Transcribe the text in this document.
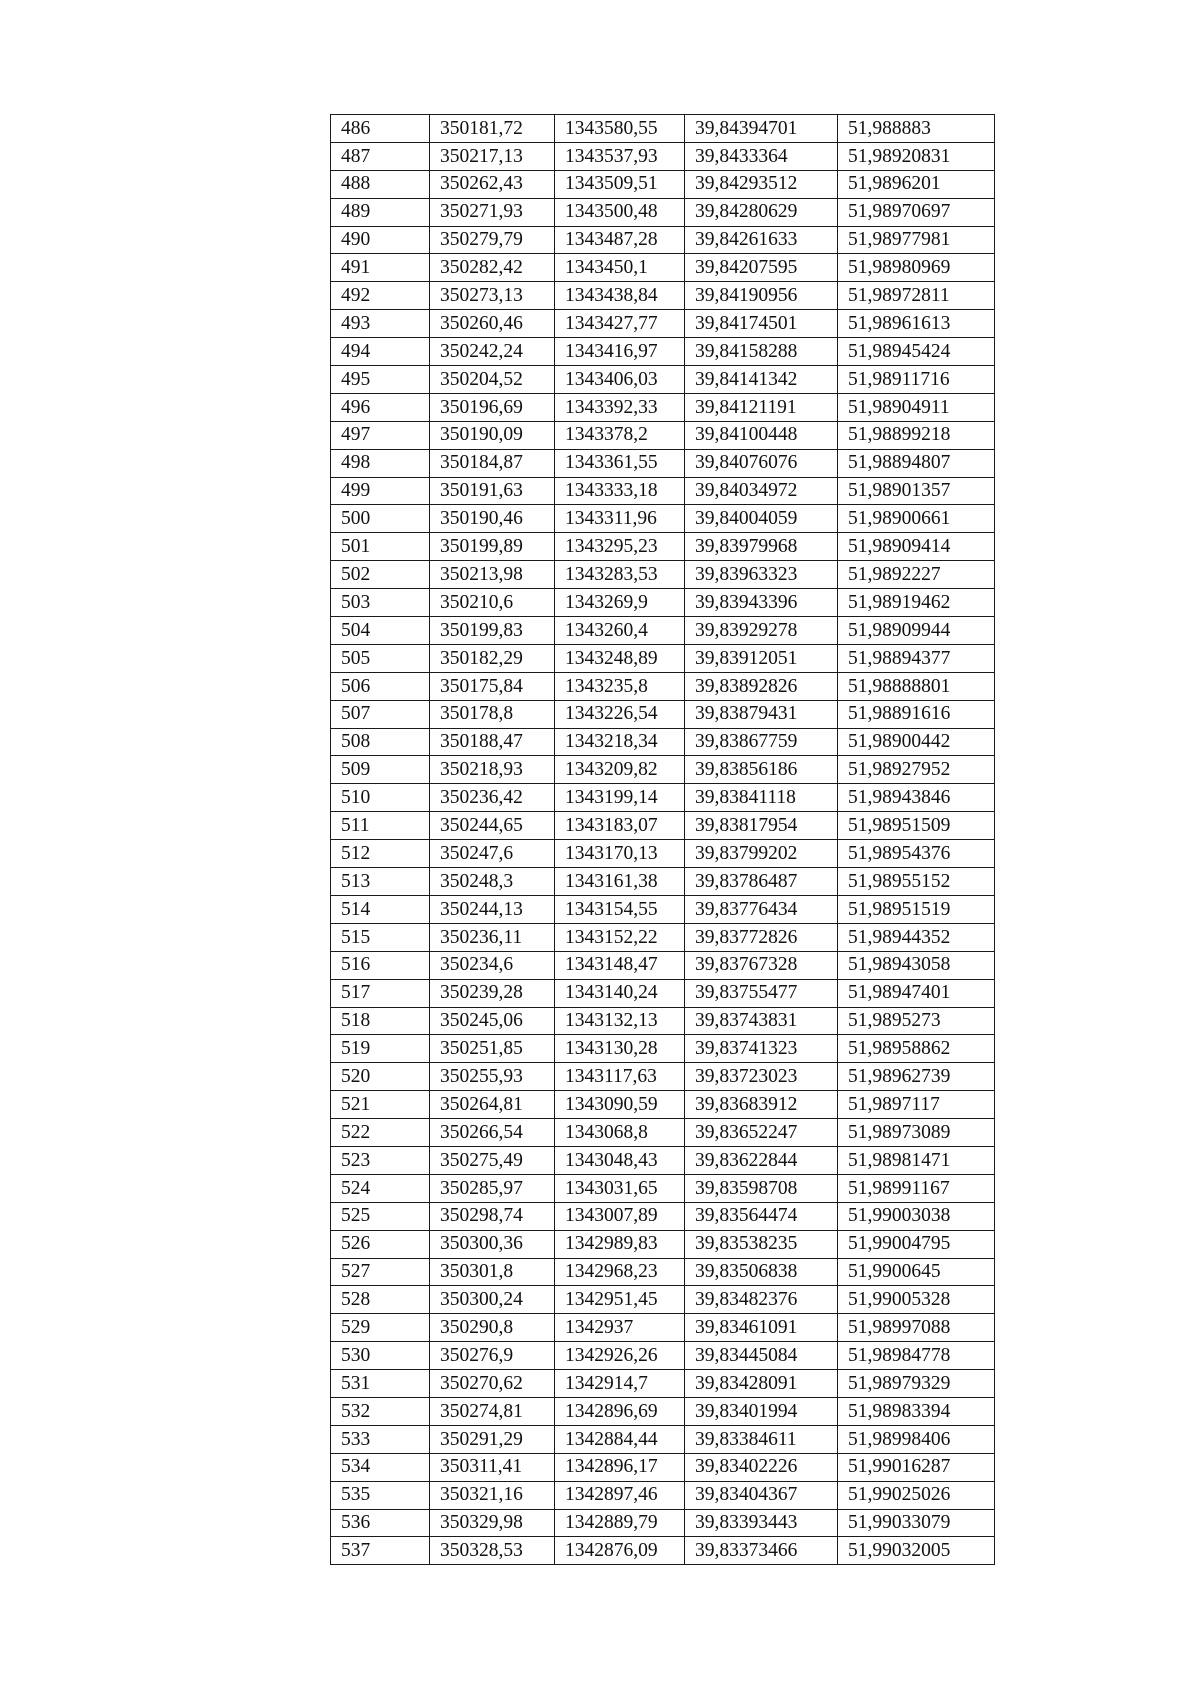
486	350181,72	1343580,55	39,84394701	51,988883
487	350217,13	1343537,93	39,8433364	51,98920831
488	350262,43	1343509,51	39,84293512	51,9896201
489	350271,93	1343500,48	39,84280629	51,98970697
490	350279,79	1343487,28	39,84261633	51,98977981
491	350282,42	1343450,1	39,84207595	51,98980969
492	350273,13	1343438,84	39,84190956	51,98972811
493	350260,46	1343427,77	39,84174501	51,98961613
494	350242,24	1343416,97	39,84158288	51,98945424
495	350204,52	1343406,03	39,84141342	51,98911716
496	350196,69	1343392,33	39,84121191	51,98904911
497	350190,09	1343378,2	39,84100448	51,98899218
498	350184,87	1343361,55	39,84076076	51,98894807
499	350191,63	1343333,18	39,84034972	51,98901357
500	350190,46	1343311,96	39,84004059	51,98900661
501	350199,89	1343295,23	39,83979968	51,98909414
502	350213,98	1343283,53	39,83963323	51,9892227
503	350210,6	1343269,9	39,83943396	51,98919462
504	350199,83	1343260,4	39,83929278	51,98909944
505	350182,29	1343248,89	39,83912051	51,98894377
506	350175,84	1343235,8	39,83892826	51,98888801
507	350178,8	1343226,54	39,83879431	51,98891616
508	350188,47	1343218,34	39,83867759	51,98900442
509	350218,93	1343209,82	39,83856186	51,98927952
510	350236,42	1343199,14	39,83841118	51,98943846
511	350244,65	1343183,07	39,83817954	51,98951509
512	350247,6	1343170,13	39,83799202	51,98954376
513	350248,3	1343161,38	39,83786487	51,98955152
514	350244,13	1343154,55	39,83776434	51,98951519
515	350236,11	1343152,22	39,83772826	51,98944352
516	350234,6	1343148,47	39,83767328	51,98943058
517	350239,28	1343140,24	39,83755477	51,98947401
518	350245,06	1343132,13	39,83743831	51,9895273
519	350251,85	1343130,28	39,83741323	51,98958862
520	350255,93	1343117,63	39,83723023	51,98962739
521	350264,81	1343090,59	39,83683912	51,9897117
522	350266,54	1343068,8	39,83652247	51,98973089
523	350275,49	1343048,43	39,83622844	51,98981471
524	350285,97	1343031,65	39,83598708	51,98991167
525	350298,74	1343007,89	39,83564474	51,99003038
526	350300,36	1342989,83	39,83538235	51,99004795
527	350301,8	1342968,23	39,83506838	51,9900645
528	350300,24	1342951,45	39,83482376	51,99005328
529	350290,8	1342937	39,83461091	51,98997088
530	350276,9	1342926,26	39,83445084	51,98984778
531	350270,62	1342914,7	39,83428091	51,98979329
532	350274,81	1342896,69	39,83401994	51,98983394
533	350291,29	1342884,44	39,83384611	51,98998406
534	350311,41	1342896,17	39,83402226	51,99016287
535	350321,16	1342897,46	39,83404367	51,99025026
536	350329,98	1342889,79	39,83393443	51,99033079
537	350328,53	1342876,09	39,83373466	51,99032005
